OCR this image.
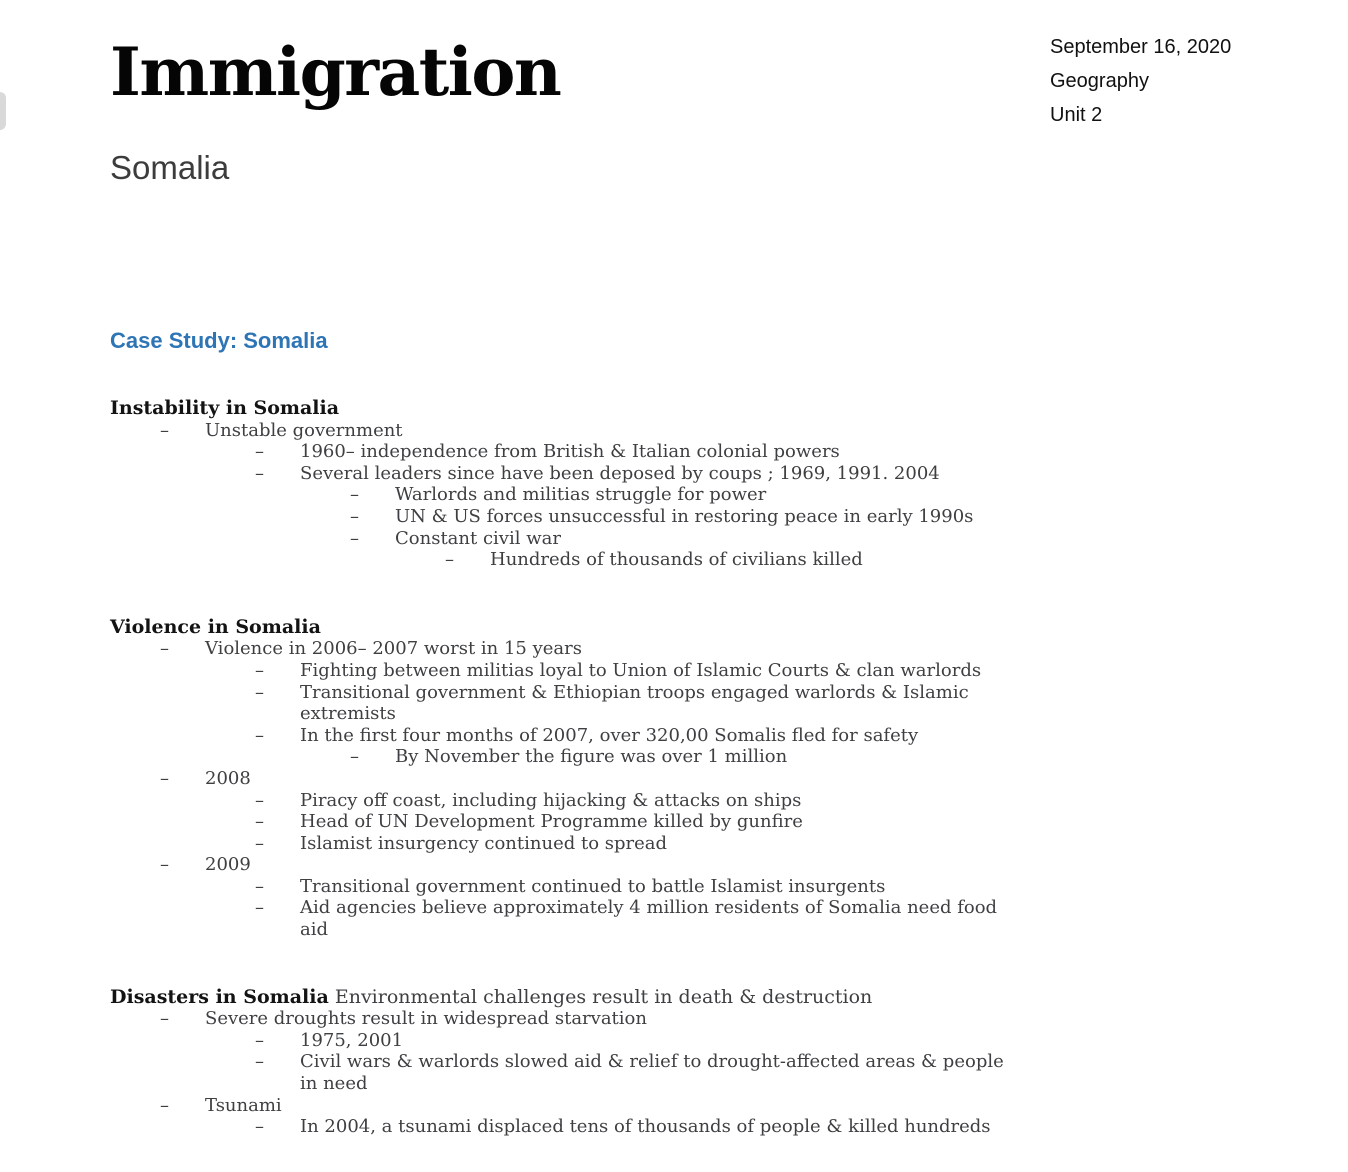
September 16, 2020
Geography
Unit 2
Immigration
Somalia
Case Study: Somalia
Instability in Somalia
–	Unstable government
–	1960– independence from British & Italian colonial powers
–	Several leaders since have been deposed by coups ; 1969, 1991. 2004
–	Warlords and militias struggle for power
–	UN & US forces unsuccessful in restoring peace in early 1990s
–	Constant civil war
–	Hundreds of thousands of civilians killed
Violence in Somalia
–	Violence in 2006– 2007 worst in 15 years
–	Fighting between militias loyal to Union of Islamic Courts & clan warlords
–	Transitional government & Ethiopian troops engaged warlords & Islamic extremists
–	In the first four months of 2007, over 320,00 Somalis fled for safety
–	By November the figure was over 1 million
–	2008
–	Piracy off coast, including hijacking & attacks on ships
–	Head of UN Development Programme killed by gunfire
–	Islamist insurgency continued to spread
–	2009
–	Transitional government continued to battle Islamist insurgents
–	Aid agencies believe approximately 4 million residents of Somalia need food aid
Disasters in Somalia Environmental challenges result in death & destruction
–	Severe droughts result in widespread starvation
–	1975, 2001
–	Civil wars & warlords slowed aid & relief to drought-affected areas & people in need
–	Tsunami
–	In 2004, a tsunami displaced tens of thousands of people & killed hundreds
